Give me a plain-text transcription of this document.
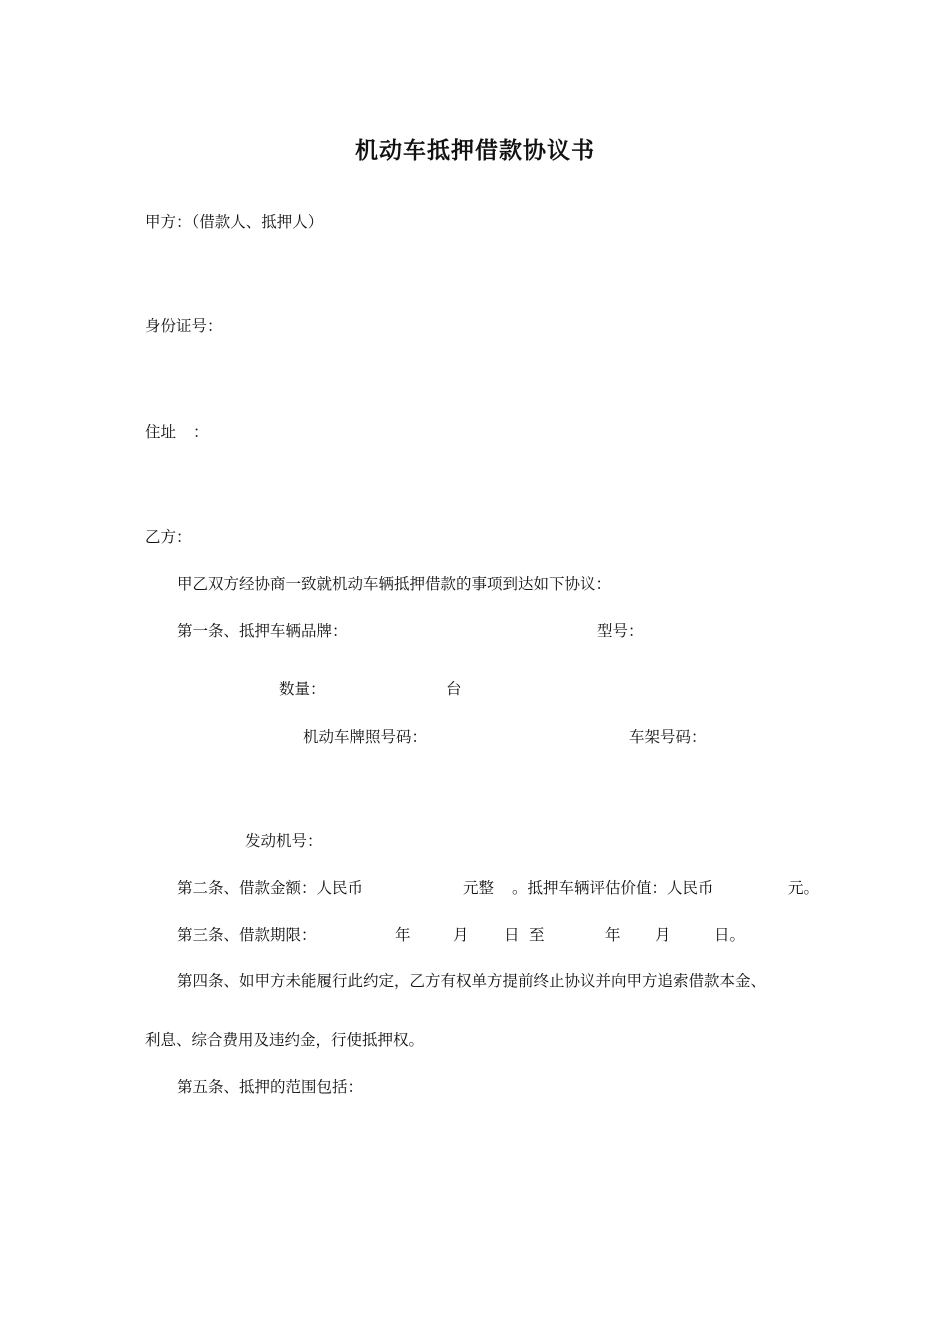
机动车抵押借款协议书
甲方：（借款人、抵押人）
身份证号：
住址 ：
乙方：
甲乙双方经协商一致就机动车辆抵押借款的事项到达如下协议：
第一条、抵押车辆品牌：	型号：
数量：	台
机动车牌照号码：	车架号码：
发动机号：
第二条、借款金额：人民币	元整 。抵押车辆评估价值：人民币	元。
第三条、借款期限：	年	月 日 至	年 月	日。
第四条、如甲方未能履行此约定，乙方有权单方提前终止协议并向甲方追索借款本金、
利息、综合费用及违约金，行使抵押权。
第五条、抵押的范围包括：
